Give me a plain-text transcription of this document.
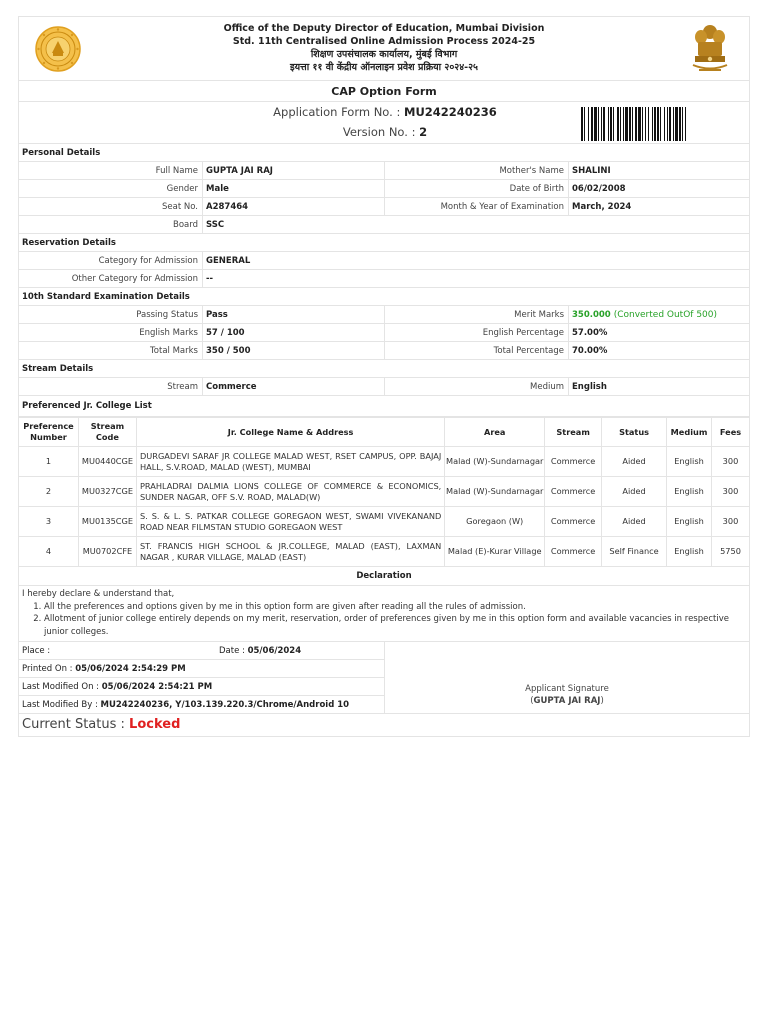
Office of the Deputy Director of Education, Mumbai Division
Std. 11th Centralised Online Admission Process 2024-25
शिक्षण उपसंचालक कार्यालय, मुंबई विभाग
इयत्ता ११ वी केंद्रीय ऑनलाइन प्रवेश प्रक्रिया २०२४-२५
CAP Option Form
Application Form No. : MU242240236
Version No. : 2
Personal Details
Full Name GUPTA JAI RAJ	Mother's Name SHALINI
Gender Male	Date of Birth 06/02/2008
Seat No. A287464	Month & Year of Examination March, 2024
Board SSC
Reservation Details
Category for Admission GENERAL
Other Category for Admission --
10th Standard Examination Details
Passing Status Pass	Merit Marks 350.000 (Converted OutOf 500)
English Marks 57 / 100	English Percentage 57.00%
Total Marks 350 / 500	Total Percentage 70.00%
Stream Details
Stream Commerce	Medium English
Preferenced Jr. College List
Preference Number	Stream Code	Jr. College Name & Address	Area	Stream	Status	Medium	Fees
1	MU0440CGE	DURGADEVI SARAF JR COLLEGE MALAD WEST, RSET CAMPUS, OPP. BAJAJ HALL, S.V.ROAD, MALAD (WEST), MUMBAI	Malad (W)-Sundarnagar	Commerce	Aided	English	300
2	MU0327CGE	PRAHLADRAI DALMIA LIONS COLLEGE OF COMMERCE & ECONOMICS, SUNDER NAGAR, OFF S.V. ROAD, MALAD(W)	Malad (W)-Sundarnagar	Commerce	Aided	English	300
3	MU0135CGE	S. S. & L. S. PATKAR COLLEGE GOREGAON WEST, SWAMI VIVEKANAND ROAD NEAR FILMSTAN STUDIO GOREGAON WEST	Goregaon (W)	Commerce	Aided	English	300
4	MU0702CFE	ST. FRANCIS HIGH SCHOOL & JR.COLLEGE, MALAD (EAST), LAXMAN NAGAR , KURAR VILLAGE, MALAD (EAST)	Malad (E)-Kurar Village	Commerce	Self Finance	English	5750
Declaration
I hereby declare & understand that,
1. All the preferences and options given by me in this option form are given after reading all the rules of admission.
2. Allotment of junior college entirely depends on my merit, reservation, order of preferences given by me in this option form and available vacancies in respective junior colleges.
Place :	Date : 05/06/2024
Printed On : 05/06/2024 2:54:29 PM
Last Modified On : 05/06/2024 2:54:21 PM
Last Modified By : MU242240236, Y/103.139.220.3/Chrome/Android 10
Applicant Signature
(GUPTA JAI RAJ)
Current Status : Locked
